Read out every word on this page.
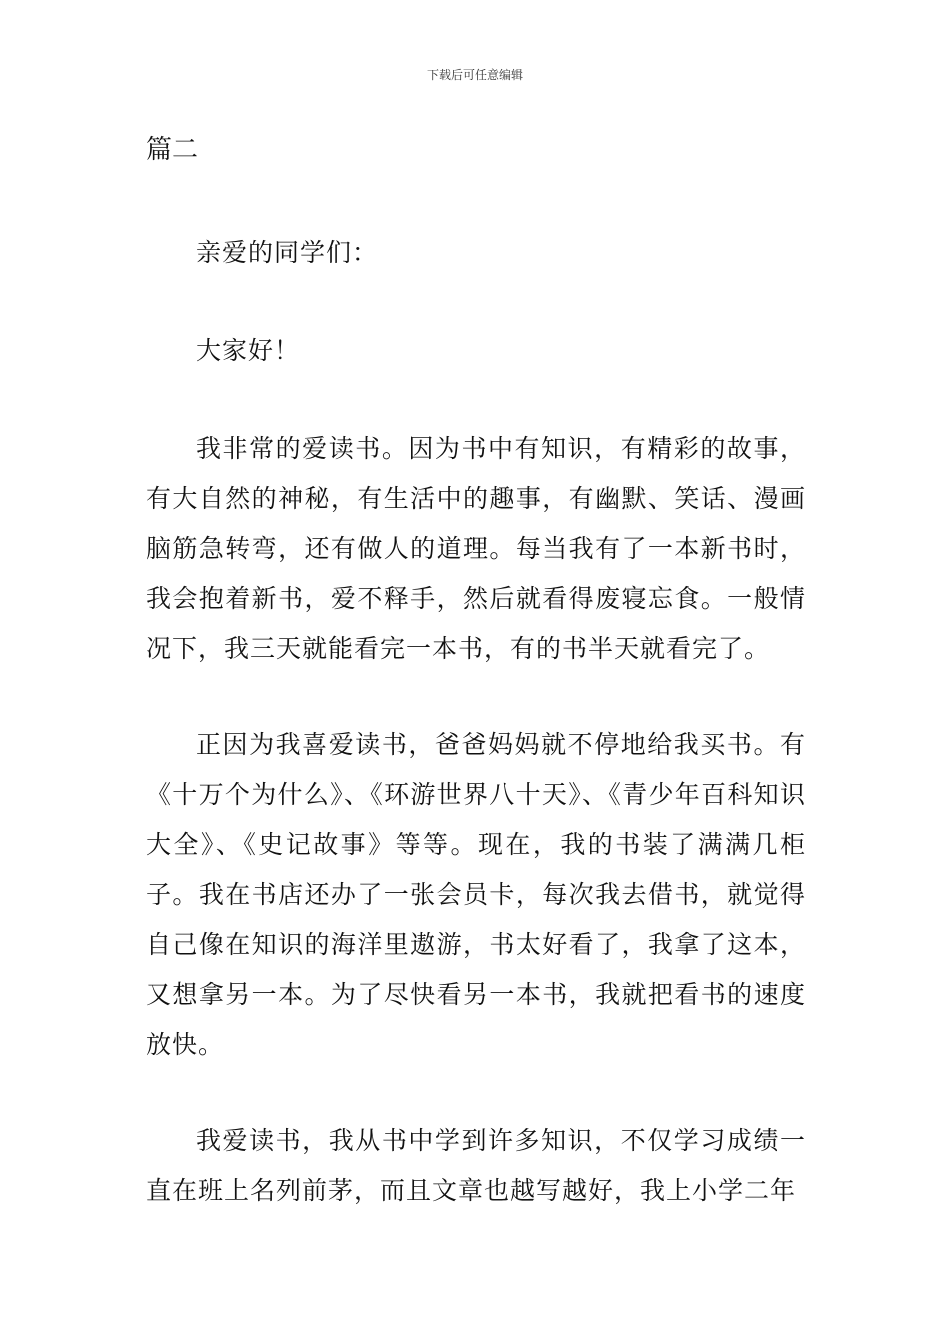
下载后可任意编辑
篇二

亲爱的同学们：

大家好！

我非常的爱读书。因为书中有知识，有精彩的故事，有大自然的神秘，有生活中的趣事，有幽默、笑话、漫画脑筋急转弯，还有做人的道理。每当我有了一本新书时，我会抱着新书，爱不释手，然后就看得废寝忘食。一般情况下，我三天就能看完一本书，有的书半天就看完了。

正因为我喜爱读书，爸爸妈妈就不停地给我买书。有《十万个为什么》、《环游世界八十天》、《青少年百科知识大全》、《史记故事》等等。现在，我的书装了满满几柜子。我在书店还办了一张会员卡，每次我去借书，就觉得自己像在知识的海洋里遨游，书太好看了，我拿了这本，又想拿另一本。为了尽快看另一本书，我就把看书的速度放快。

我爱读书，我从书中学到许多知识，不仅学习成绩一直在班上名列前茅，而且文章也越写越好，我上小学二年
